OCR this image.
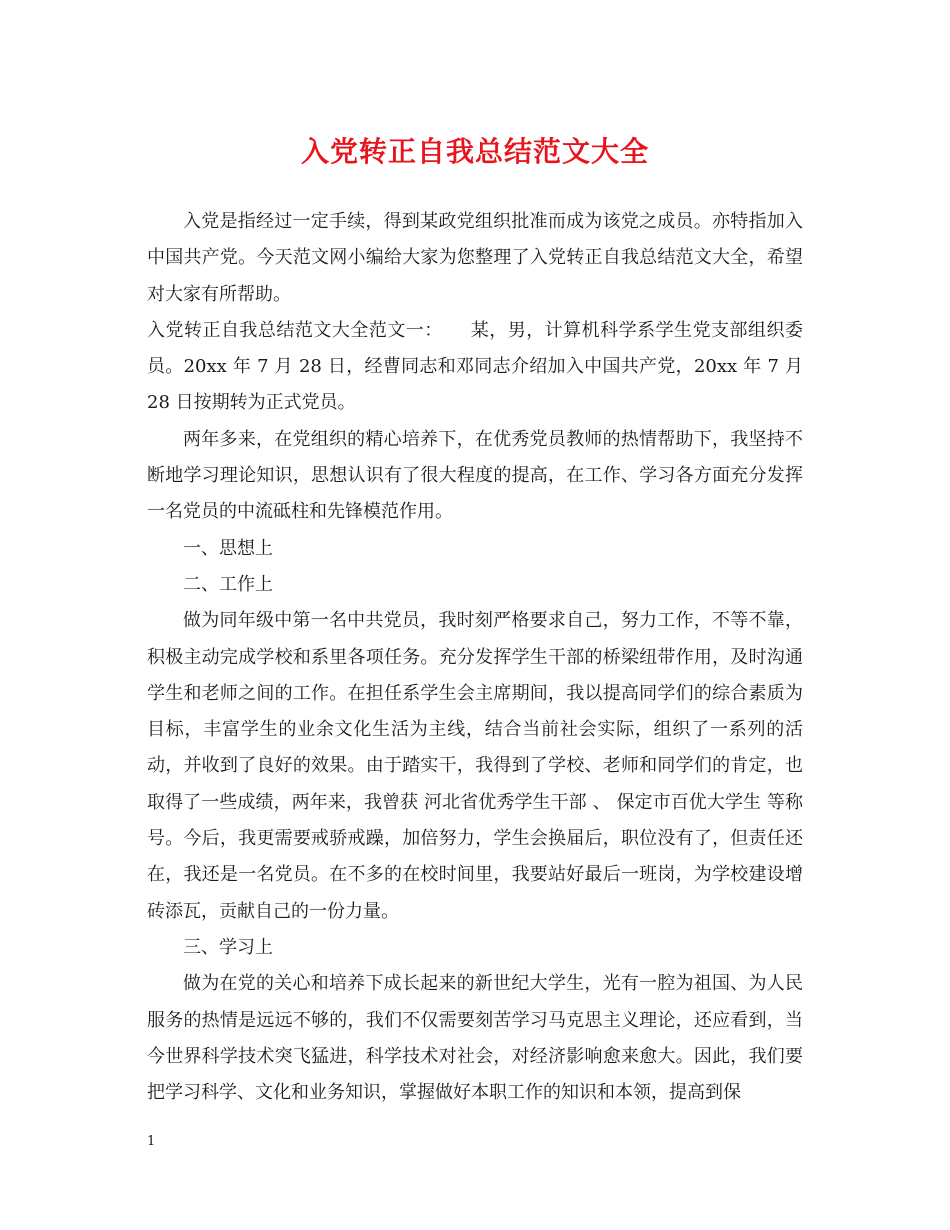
入党转正自我总结范文大全

入党是指经过一定手续，得到某政党组织批准而成为该党之成员。亦特指加入中国共产党。今天范文网小编给大家为您整理了入党转正自我总结范文大全，希望对大家有所帮助。

入党转正自我总结范文大全范文一：　　某，男，计算机科学系学生党支部组织委员。20xx 年 7 月 28 日，经曹同志和邓同志介绍加入中国共产党，20xx 年 7 月 28 日按期转为正式党员。

两年多来，在党组织的精心培养下，在优秀党员教师的热情帮助下，我坚持不断地学习理论知识，思想认识有了很大程度的提高，在工作、学习各方面充分发挥一名党员的中流砥柱和先锋模范作用。

一、思想上

二、工作上

做为同年级中第一名中共党员，我时刻严格要求自己，努力工作，不等不靠，积极主动完成学校和系里各项任务。充分发挥学生干部的桥梁纽带作用，及时沟通学生和老师之间的工作。在担任系学生会主席期间，我以提高同学们的综合素质为目标，丰富学生的业余文化生活为主线，结合当前社会实际，组织了一系列的活动，并收到了良好的效果。由于踏实干，我得到了学校、老师和同学们的肯定，也取得了一些成绩，两年来，我曾获 河北省优秀学生干部 、 保定市百优大学生 等称号。今后，我更需要戒骄戒躁，加倍努力，学生会换届后，职位没有了，但责任还在，我还是一名党员。在不多的在校时间里，我要站好最后一班岗，为学校建设增砖添瓦，贡献自己的一份力量。

三、学习上

做为在党的关心和培养下成长起来的新世纪大学生，光有一腔为祖国、为人民服务的热情是远远不够的，我们不仅需要刻苦学习马克思主义理论，还应看到，当今世界科学技术突飞猛进，科学技术对社会，对经济影响愈来愈大。因此，我们要把学习科学、文化和业务知识，掌握做好本职工作的知识和本领，提高到保

1
